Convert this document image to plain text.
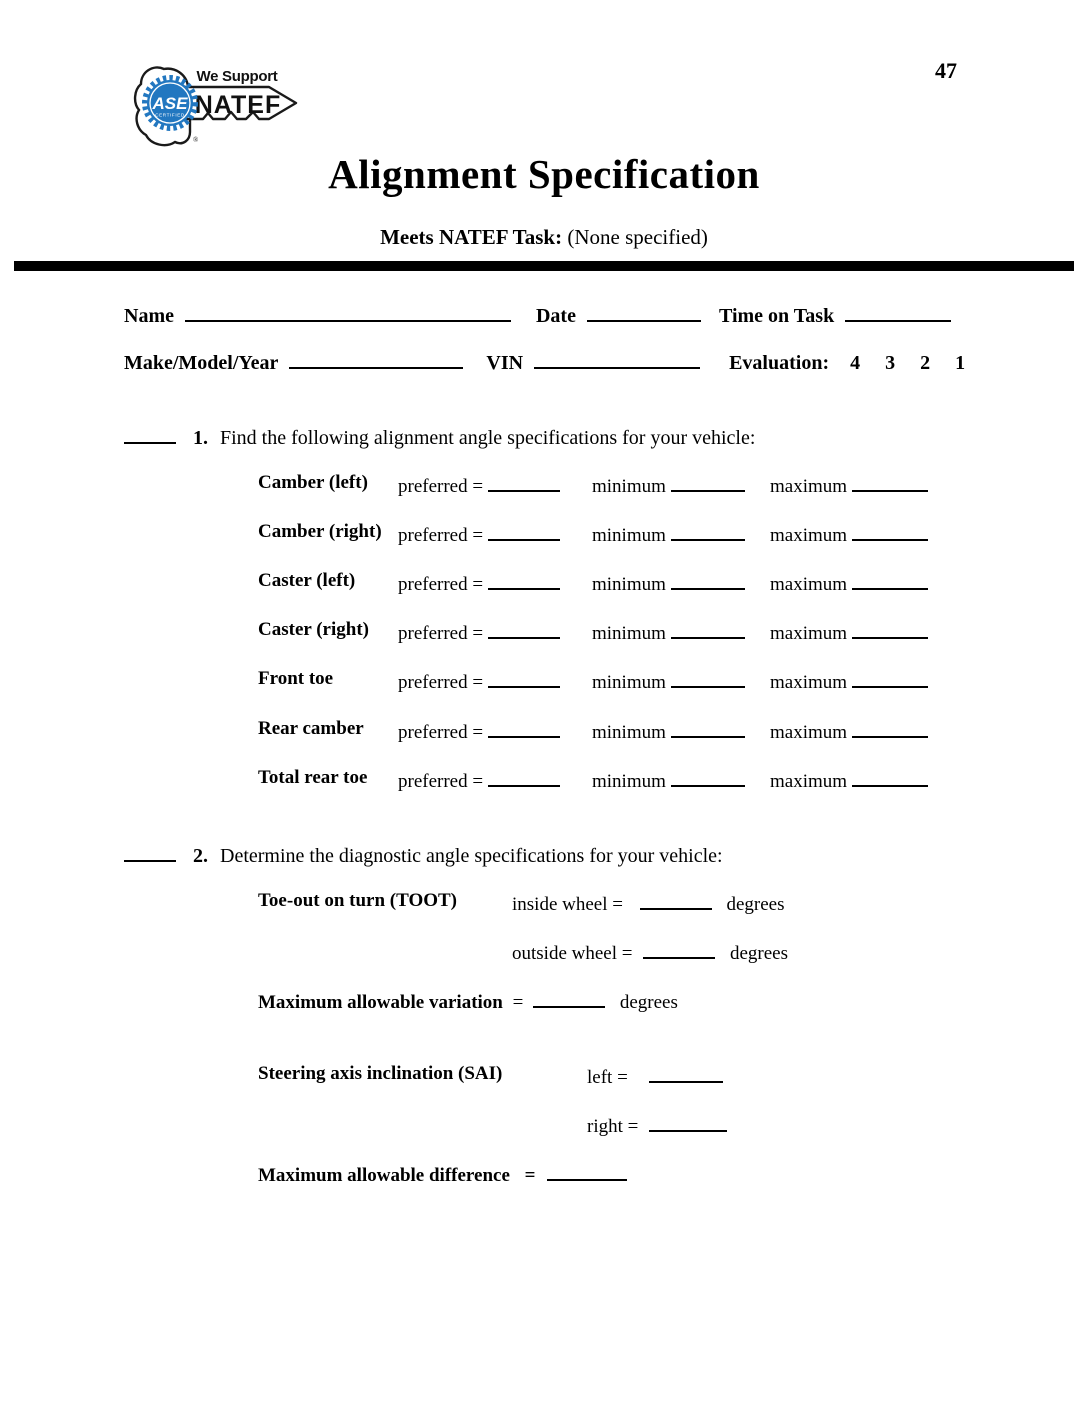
47
We Support
NATEF
ASE
CERTIFIED
®
Alignment Specification
Meets NATEF Task: (None specified)
Name	Date	Time on Task
Make/Model/Year	VIN	Evaluation: 4 3 2 1
1. Find the following alignment angle specifications for your vehicle:
Camber (left) preferred =	minimum	maximum
Camber (right) preferred =	minimum	maximum
Caster (left) preferred =	minimum	maximum
Caster (right) preferred =	minimum	maximum
Front toe	preferred =	minimum	maximum
Rear camber preferred =	minimum	maximum
Total rear toe preferred =	minimum	maximum
2. Determine the diagnostic angle specifications for your vehicle:
Toe-out on turn (TOOT)	inside wheel =	degrees
outside wheel =	degrees
Maximum allowable variation =	degrees
Steering axis inclination (SAI)	left =
right =
Maximum allowable difference =
